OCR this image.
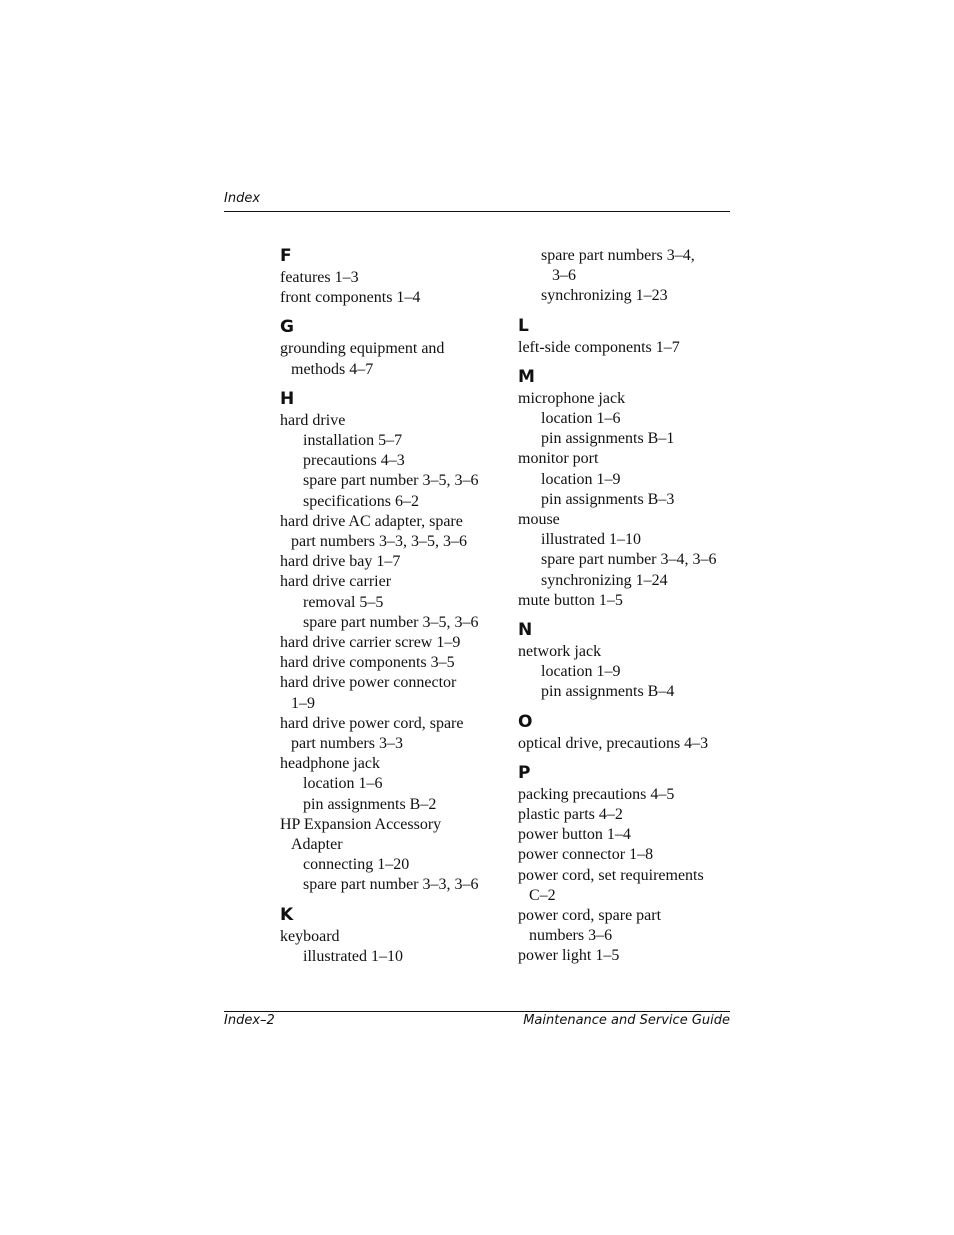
Index
F
features 1–3
front components 1–4
G
grounding equipment and
methods 4–7
H
hard drive
installation 5–7
precautions 4–3
spare part number 3–5, 3–6
specifications 6–2
hard drive AC adapter, spare
part numbers 3–3, 3–5, 3–6
hard drive bay 1–7
hard drive carrier
removal 5–5
spare part number 3–5, 3–6
hard drive carrier screw 1–9
hard drive components 3–5
hard drive power connector
1–9
hard drive power cord, spare
part numbers 3–3
headphone jack
location 1–6
pin assignments B–2
HP Expansion Accessory
Adapter
connecting 1–20
spare part number 3–3, 3–6
K
keyboard
illustrated 1–10
spare part numbers 3–4,
3–6
synchronizing 1–23
L
left-side components 1–7
M
microphone jack
location 1–6
pin assignments B–1
monitor port
location 1–9
pin assignments B–3
mouse
illustrated 1–10
spare part number 3–4, 3–6
synchronizing 1–24
mute button 1–5
N
network jack
location 1–9
pin assignments B–4
O
optical drive, precautions 4–3
P
packing precautions 4–5
plastic parts 4–2
power button 1–4
power connector 1–8
power cord, set requirements
C–2
power cord, spare part
numbers 3–6
power light 1–5
Index–2	Maintenance and Service Guide
